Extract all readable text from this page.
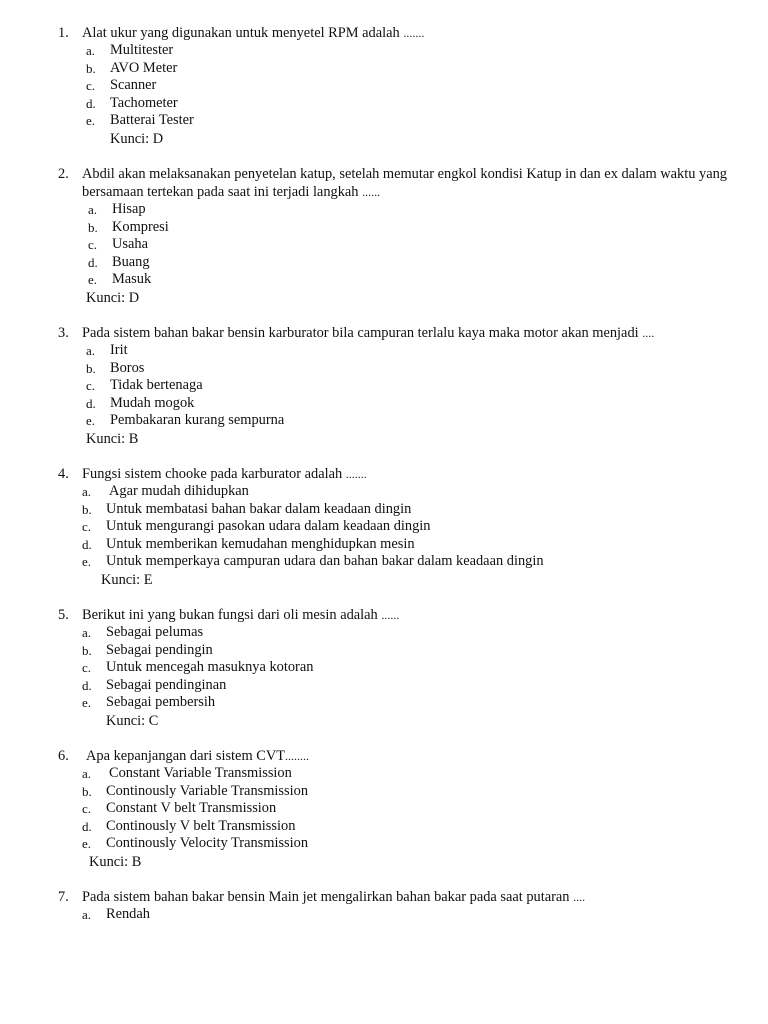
1. Alat ukur yang digunakan untuk menyetel RPM adalah .......
a.	Multitester
b. AVO Meter
c.	Scanner
d. Tachometer
e.	Batterai Tester
Kunci: D
2. Abdil akan melaksanakan penyetelan katup, setelah memutar engkol kondisi Katup in dan ex dalam waktu yang bersamaan tertekan pada saat ini terjadi langkah ......
a.	Hisap
b. Kompresi
c.	Usaha
d. Buang
e.	Masuk
Kunci: D
3. Pada sistem bahan bakar bensin karburator bila campuran terlalu kaya maka motor akan menjadi ....
a.	Irit
b. Boros
c.	Tidak bertenaga
d. Mudah mogok
e.	Pembakaran kurang sempurna
Kunci: B
4. Fungsi sistem chooke pada karburator adalah .......
a.	Agar mudah dihidupkan
b. Untuk membatasi bahan bakar dalam keadaan dingin
c.	Untuk mengurangi pasokan udara dalam keadaan dingin
d. Untuk memberikan kemudahan menghidupkan mesin
e.	Untuk memperkaya campuran udara dan bahan bakar dalam keadaan dingin
Kunci: E
5. Berikut ini yang bukan fungsi dari oli mesin adalah ......
a.	Sebagai pelumas
b. Sebagai pendingin
c.	Untuk mencegah masuknya kotoran
d. Sebagai pendinginan
e.	Sebagai pembersih
Kunci: C
6.	Apa kepanjangan dari sistem CVT........
a.	Constant Variable Transmission
b. Continously Variable Transmission
c.	Constant V belt Transmission
d. Continously V belt Transmission
e.	Continously Velocity Transmission
Kunci: B
7. Pada sistem bahan bakar bensin Main jet mengalirkan bahan bakar pada saat putaran ....
a.	Rendah
